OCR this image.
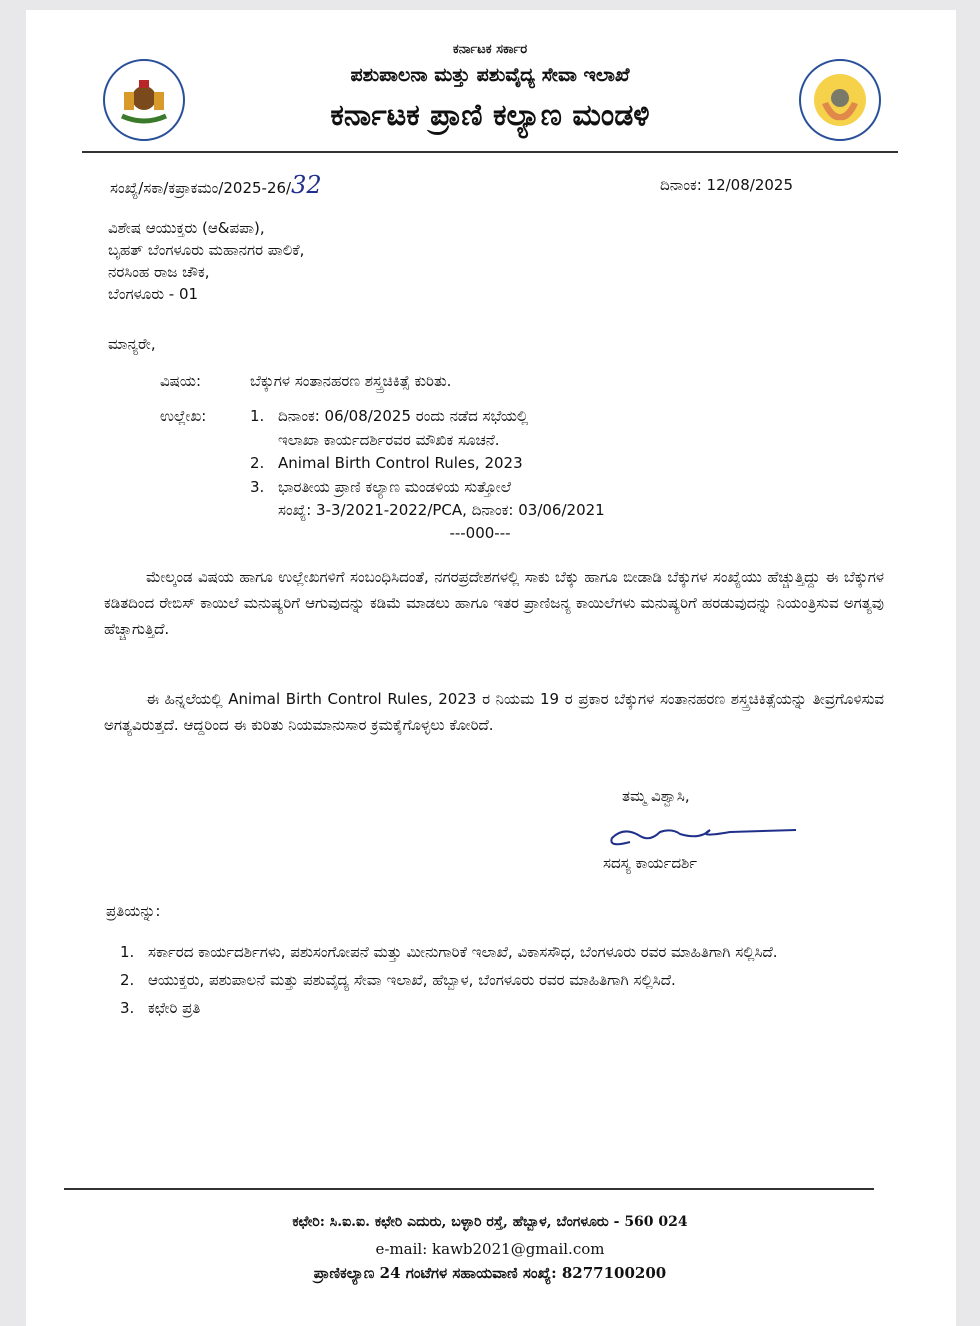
ಕರ್ನಾಟಕ ಸರ್ಕಾರ
ಪಶುಪಾಲನಾ ಮತ್ತು ಪಶುವೈದ್ಯ ಸೇವಾ ಇಲಾಖೆ
ಕರ್ನಾಟಕ ಪ್ರಾಣಿ ಕಲ್ಯಾಣ ಮಂಡಳಿ
ಸಂಖ್ಯೆ/ಸಕಾ/ಕಪ್ರಾಕಮಂ/2025-26/32	ದಿನಾಂಕ: 12/08/2025
ವಿಶೇಷ ಆಯುಕ್ತರು (ಆ&ಪಪಾ),
ಬೃಹತ್ ಬೆಂಗಳೂರು ಮಹಾನಗರ ಪಾಲಿಕೆ,
ನರಸಿಂಹ ರಾಜ ಚೌಕ,
ಬೆಂಗಳೂರು - 01
ಮಾನ್ಯರೇ,
ವಿಷಯ:	ಬೆಕ್ಕುಗಳ ಸಂತಾನಹರಣ ಶಸ್ತ್ರಚಿಕಿತ್ಸೆ ಕುರಿತು.
ಉಲ್ಲೇಖ:	1. ದಿನಾಂಕ: 06/08/2025 ರಂದು ನಡೆದ ಸಭೆಯಲ್ಲಿ
ಇಲಾಖಾ ಕಾರ್ಯದರ್ಶಿರವರ ಮೌಖಿಕ ಸೂಚನೆ.
2. Animal Birth Control Rules, 2023
3. ಭಾರತೀಯ ಪ್ರಾಣಿ ಕಲ್ಯಾಣ ಮಂಡಳಿಯ ಸುತ್ತೋಲೆ
ಸಂಖ್ಯೆ: 3-3/2021-2022/PCA, ದಿನಾಂಕ: 03/06/2021
---000---
ಮೇಲ್ಕಂಡ ವಿಷಯ ಹಾಗೂ ಉಲ್ಲೇಖಗಳಿಗೆ ಸಂಬಂಧಿಸಿದಂತೆ, ನಗರಪ್ರದೇಶಗಳಲ್ಲಿ ಸಾಕು ಬೆಕ್ಕು ಹಾಗೂ ಬೀಡಾಡಿ ಬೆಕ್ಕುಗಳ ಸಂಖ್ಯೆಯು ಹೆಚ್ಚುತ್ತಿದ್ದು ಈ ಬೆಕ್ಕುಗಳ ಕಡಿತದಿಂದ ರೇಬಿಸ್ ಕಾಯಿಲೆ ಮನುಷ್ಯರಿಗೆ ಆಗುವುದನ್ನು ಕಡಿಮೆ ಮಾಡಲು ಹಾಗೂ ಇತರ ಪ್ರಾಣಿಜನ್ಯ ಕಾಯಿಲೆಗಳು ಮನುಷ್ಯರಿಗೆ ಹರಡುವುದನ್ನು ನಿಯಂತ್ರಿಸುವ ಅಗತ್ಯವು ಹೆಚ್ಚಾಗುತ್ತಿದೆ.
ಈ ಹಿನ್ನಲೆಯಲ್ಲಿ Animal Birth Control Rules, 2023 ರ ನಿಯಮ 19 ರ ಪ್ರಕಾರ ಬೆಕ್ಕುಗಳ ಸಂತಾನಹರಣ ಶಸ್ತ್ರಚಿಕಿತ್ಸೆಯನ್ನು ತೀವ್ರಗೊಳಿಸುವ ಅಗತ್ಯವಿರುತ್ತದೆ. ಆದ್ದರಿಂದ ಈ ಕುರಿತು ನಿಯಮಾನುಸಾರ ಕ್ರಮಕೈಗೊಳ್ಳಲು ಕೋರಿದೆ.
ತಮ್ಮ ವಿಶ್ವಾಸಿ,
ಸದಸ್ಯ ಕಾರ್ಯದರ್ಶಿ
ಪ್ರತಿಯನ್ನು:
1. ಸರ್ಕಾರದ ಕಾರ್ಯದರ್ಶಿಗಳು, ಪಶುಸಂಗೋಪನೆ ಮತ್ತು ಮೀನುಗಾರಿಕೆ ಇಲಾಖೆ, ವಿಕಾಸಸೌಧ, ಬೆಂಗಳೂರು ರವರ ಮಾಹಿತಿಗಾಗಿ ಸಲ್ಲಿಸಿದೆ.
2. ಆಯುಕ್ತರು, ಪಶುಪಾಲನೆ ಮತ್ತು ಪಶುವೈದ್ಯ ಸೇವಾ ಇಲಾಖೆ, ಹೆಬ್ಬಾಳ, ಬೆಂಗಳೂರು ರವರ ಮಾಹಿತಿಗಾಗಿ ಸಲ್ಲಿಸಿದೆ.
3. ಕಛೇರಿ ಪ್ರತಿ
ಕಛೇರಿ: ಸಿ.ಐ.ಐ. ಕಛೇರಿ ಎದುರು, ಬಳ್ಳಾರಿ ರಸ್ತೆ, ಹೆಬ್ಬಾಳ, ಬೆಂಗಳೂರು - 560 024
e-mail: kawb2021@gmail.com
ಪ್ರಾಣಿಕಲ್ಯಾಣ 24 ಗಂಟೆಗಳ ಸಹಾಯವಾಣಿ ಸಂಖ್ಯೆ: 8277100200
